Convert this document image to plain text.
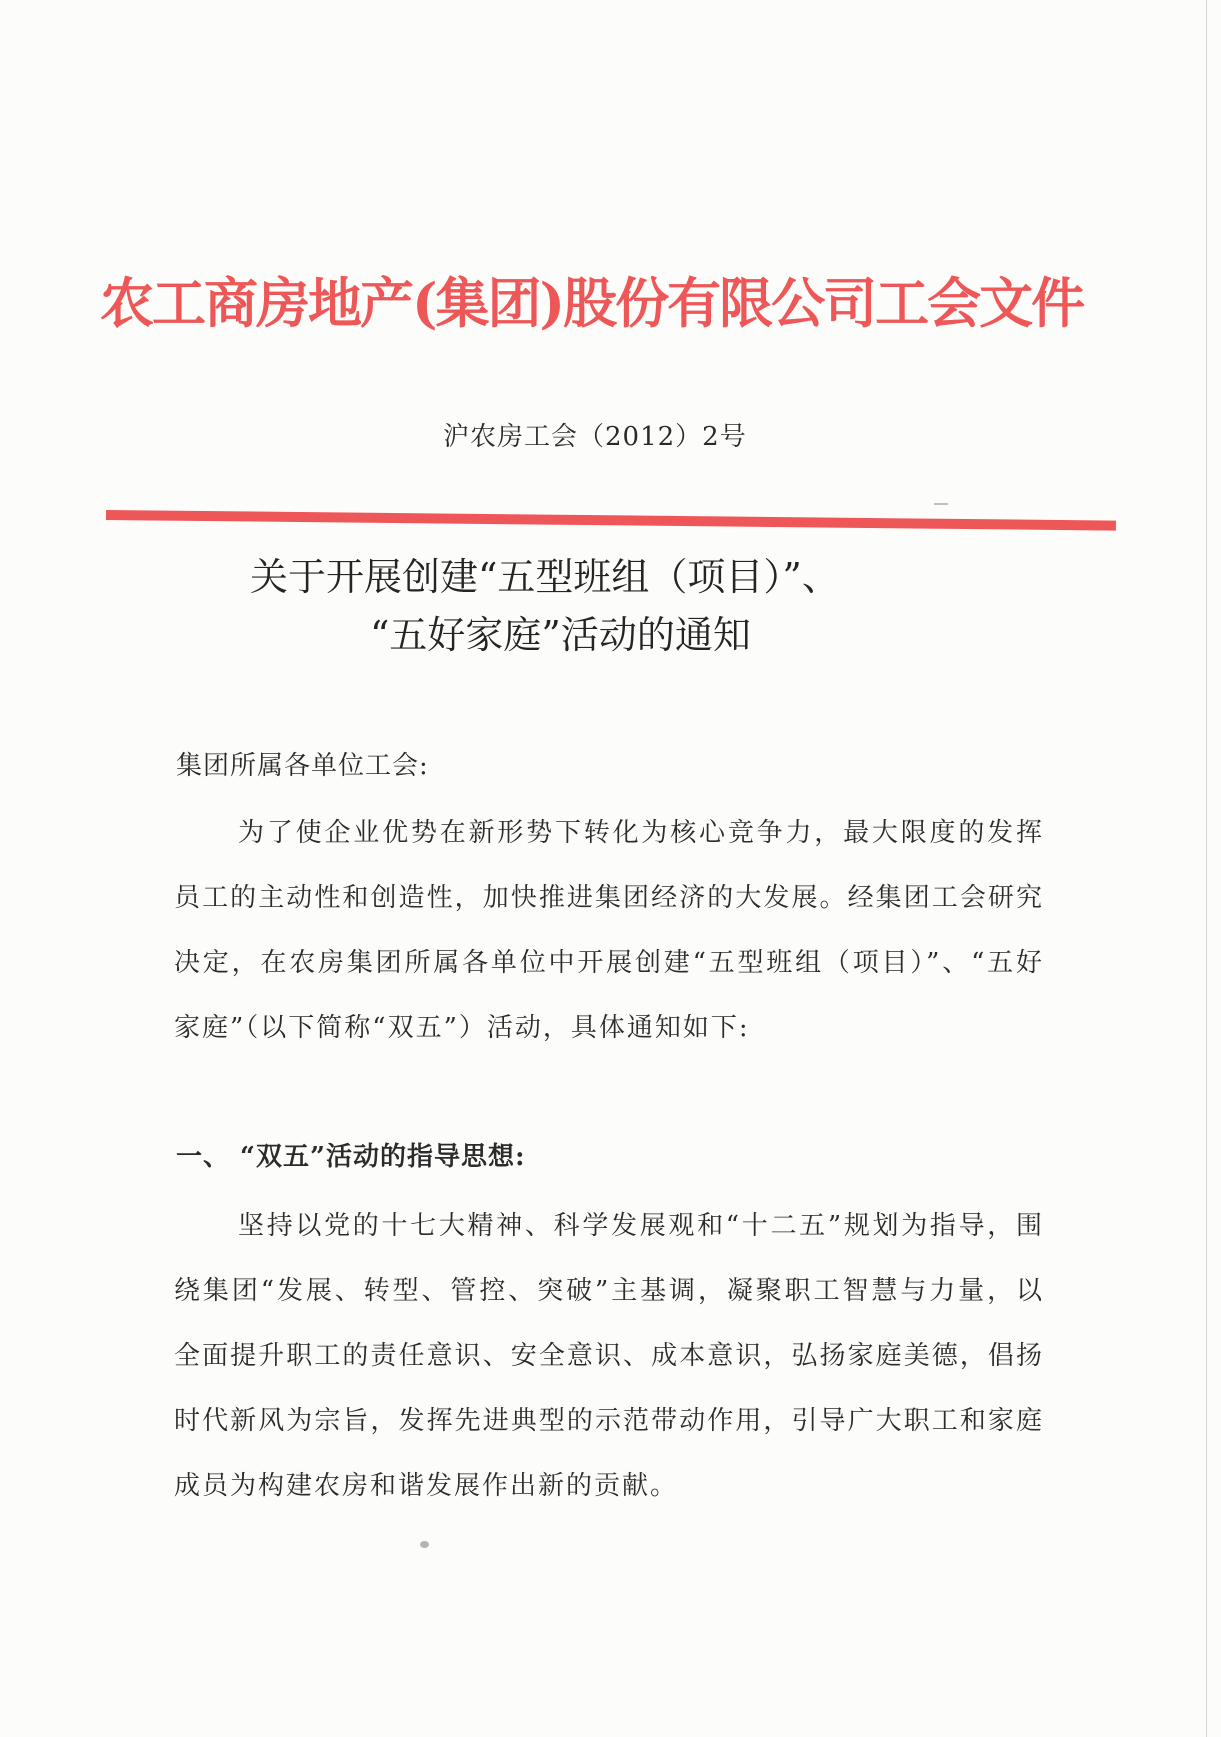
农工商房地产(集团)股份有限公司工会文件
沪农房工会（2012）2号
关于开展创建“五型班组（项目）”、
“五好家庭”活动的通知
集团所属各单位工会:

为了使企业优势在新形势下转化为核心竞争力，最大限度的发挥员工的主动性和创造性，加快推进集团经济的大发展。经集团工会研究决定，在农房集团所属各单位中开展创建“五型班组（项目）”、“五好家庭”（以下简称“双五”）活动，具体通知如下:

一、 “双五”活动的指导思想:

坚持以党的十七大精神、科学发展观和“十二五”规划为指导，围绕集团“发展、转型、管控、突破”主基调，凝聚职工智慧与力量，以全面提升职工的责任意识、安全意识、成本意识，弘扬家庭美德，倡扬时代新风为宗旨，发挥先进典型的示范带动作用，引导广大职工和家庭成员为构建农房和谐发展作出新的贡献。
